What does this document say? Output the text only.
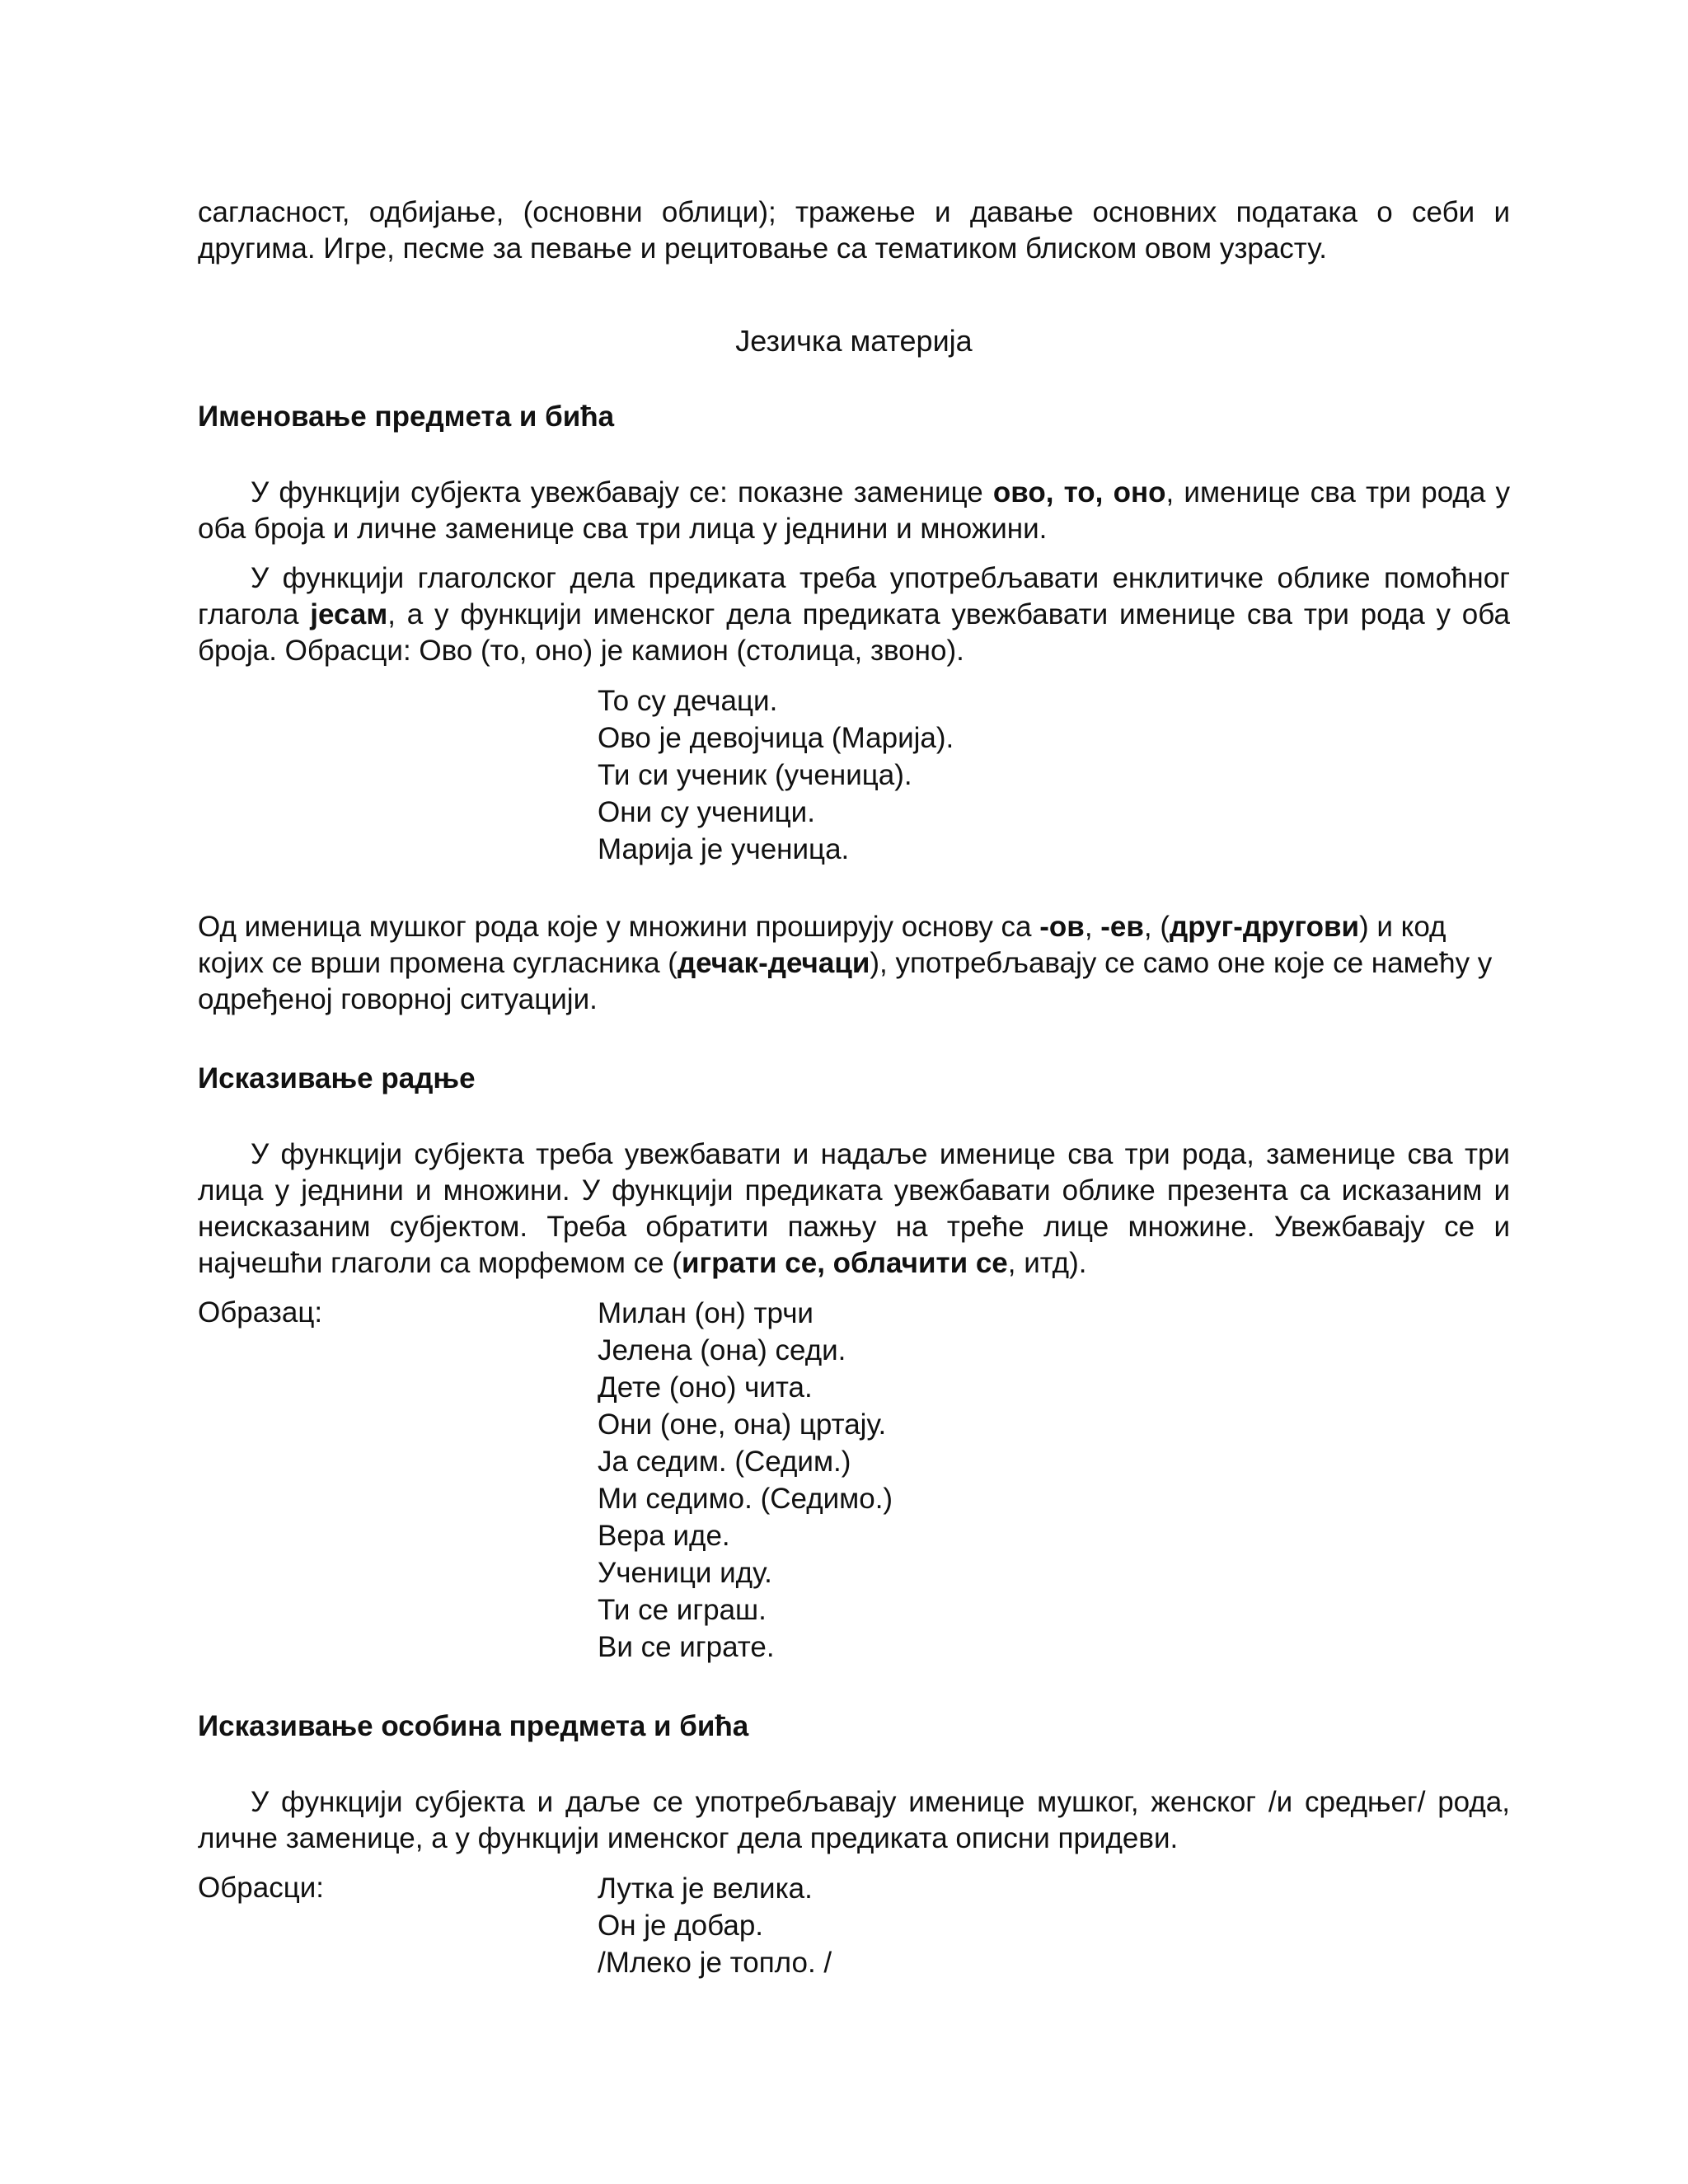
сагласност, одбијање, (основни облици); тражење и давање основних података о себи и другима. Игре, песме за певање и рецитовање са тематиком блиском овом узрасту.

Језичка материја

Именовање предмета и бића

У функцији субјекта увежбавају се: показне заменице ово, то, оно, именице сва три рода у оба броја и личне заменице сва три лица у једнини и множини.

У функцији глаголског дела предиката треба употребљавати енклитичке облике помоћног глагола јесам, а у функцији именског дела предиката увежбавати именице сва три рода у оба броја. Обрасци: Ово (то, оно) је камион (столица, звоно).

То су дечаци.
Ово је девојчица (Марија).
Ти си ученик (ученица).
Они су ученици.
Марија је ученица.

Од именица мушког рода које у множини проширују основу са -ов, -ев, (друг-другови) и код којих се врши промена сугласника (дечак-дечаци), употребљавају се само оне које се намећу у одређеној говорној ситуацији.

Исказивање радње

У функцији субјекта треба увежбавати и надаље именице сва три рода, заменице сва три лица у једнини и множини. У функцији предиката увежбавати облике презента са исказаним и неисказаним субјектом. Треба обратити пажњу на треће лице множине. Увежбавају се и најчешћи глаголи са морфемом се (играти се, облачити се, итд).

Образац:	Милан (он) трчи
Јелена (она) седи.
Дете (оно) чита.
Они (оне, она) цртају.
Ја седим. (Седим.)
Ми седимо. (Седимо.)
Вера иде.
Ученици иду.
Ти се играш.
Ви се играте.
Исказивање особина предмета и бића

У функцији субјекта и даље се употребљавају именице мушког, женског /и средњег/ рода, личне заменице, а у функцији именског дела предиката описни придеви.

Обрасци:	Лутка је велика.
Он је добар.
/Млеко је топло. /
